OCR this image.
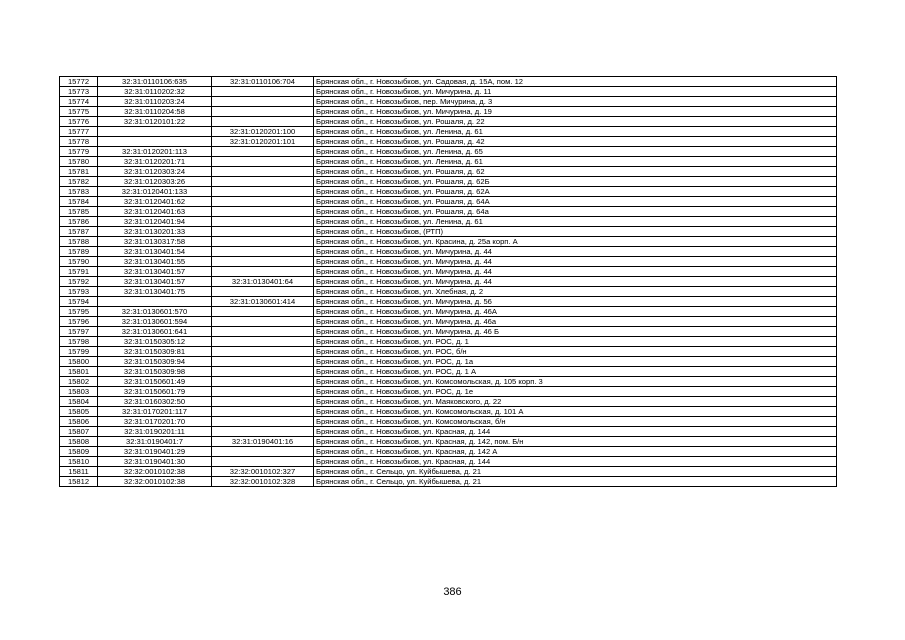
15772	32:31:0110106:635	32:31:0110106:704	Брянская обл., г. Новозыбков, ул. Садовая, д. 15А, пом. 12
15773	32:31:0110202:32		Брянская обл., г. Новозыбков, ул. Мичурина, д. 11
15774	32:31:0110203:24		Брянская обл., г. Новозыбков, пер. Мичурина, д. 3
15775	32:31:0110204:58		Брянская обл., г. Новозыбков, ул. Мичурина, д. 19
15776	32:31:0120101:22		Брянская обл., г. Новозыбков, ул. Рошаля, д. 22
15777		32:31:0120201:100	Брянская обл., г. Новозыбков, ул. Ленина, д. 61
15778		32:31:0120201:101	Брянская обл., г. Новозыбков, ул. Рошаля, д. 42
15779	32:31:0120201:113		Брянская обл., г. Новозыбков, ул. Ленина, д. 65
15780	32:31:0120201:71		Брянская обл., г. Новозыбков, ул. Ленина, д. 61
15781	32:31:0120303:24		Брянская обл., г. Новозыбков, ул. Рошаля, д. 62
15782	32:31:0120303:26		Брянская обл., г. Новозыбков, ул. Рошаля, д. 62Б
15783	32:31:0120401:133		Брянская обл., г. Новозыбков, ул. Рошаля, д. 62А
15784	32:31:0120401:62		Брянская обл., г. Новозыбков, ул. Рошаля, д. 64А
15785	32:31:0120401:63		Брянская обл., г. Новозыбков, ул. Рошаля, д. 64а
15786	32:31:0120401:94		Брянская обл., г. Новозыбков, ул. Ленина, д. 61
15787	32:31:0130201:33		Брянская обл., г. Новозыбков, (РТП)
15788	32:31:0130317:58		Брянская обл., г. Новозыбков, ул. Красина, д. 25а корп. А
15789	32:31:0130401:54		Брянская обл., г. Новозыбков, ул. Мичурина, д. 44
15790	32:31:0130401:55		Брянская обл., г. Новозыбков, ул. Мичурина, д. 44
15791	32:31:0130401:57		Брянская обл., г. Новозыбков, ул. Мичурина, д. 44
15792	32:31:0130401:57	32:31:0130401:64	Брянская обл., г. Новозыбков, ул. Мичурина, д. 44
15793	32:31:0130401:75		Брянская обл., г. Новозыбков, ул. Хлебная, д. 2
15794		32:31:0130601:414	Брянская обл., г. Новозыбков, ул. Мичурина, д. 56
15795	32:31:0130601:570		Брянская обл., г. Новозыбков, ул. Мичурина, д. 46А
15796	32:31:0130601:594		Брянская обл., г. Новозыбков, ул. Мичурина, д. 46а
15797	32:31:0130601:641		Брянская обл., г. Новозыбков, ул. Мичурина, д. 46 Б
15798	32:31:0150305:12		Брянская обл., г. Новозыбков, ул. РОС, д. 1
15799	32:31:0150309:81		Брянская обл., г. Новозыбков, ул. РОС, б/н
15800	32:31:0150309:94		Брянская обл., г. Новозыбков, ул. РОС, д. 1а
15801	32:31:0150309:98		Брянская обл., г. Новозыбков, ул. РОС, д. 1 А
15802	32:31:0150601:49		Брянская обл., г. Новозыбков, ул. Комсомольская, д. 105 корп. 3
15803	32:31:0150601:79		Брянская обл., г. Новозыбков, ул. РОС, д. 1е
15804	32:31:0160302:50		Брянская обл., г. Новозыбков, ул. Маяковского, д. 22
15805	32:31:0170201:117		Брянская обл., г. Новозыбков, ул. Комсомольская, д. 101 А
15806	32:31:0170201:70		Брянская обл., г. Новозыбков, ул. Комсомольская, б/н
15807	32:31:0190201:11		Брянская обл., г. Новозыбков, ул. Красная, д. 144
15808	32:31:0190401:7	32:31:0190401:16	Брянская обл., г. Новозыбков, ул. Красная, д. 142, пом. Б/н
15809	32:31:0190401:29		Брянская обл., г. Новозыбков, ул. Красная, д. 142 А
15810	32:31:0190401:30		Брянская обл., г. Новозыбков, ул. Красная, д. 144
15811	32:32:0010102:38	32:32:0010102:327	Брянская обл., г. Сельцо, ул. Куйбышева, д. 21
15812	32:32:0010102:38	32:32:0010102:328	Брянская обл., г. Сельцо, ул. Куйбышева, д. 21
386
